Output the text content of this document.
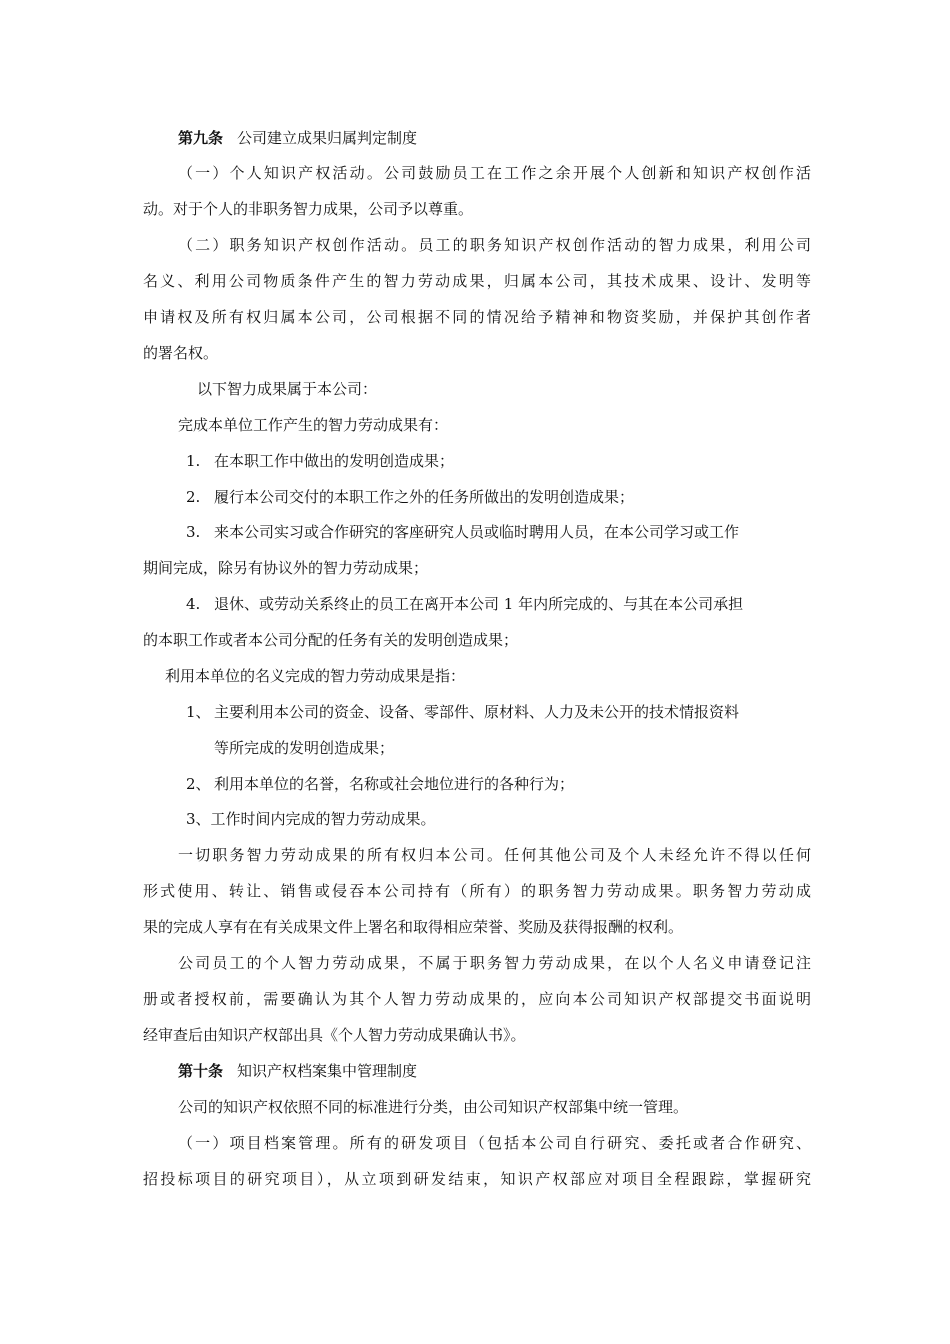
第九条 公司建立成果归属判定制度
（一）个人知识产权活动。公司鼓励员工在工作之余开展个人创新和知识产权创作活
动。对于个人的非职务智力成果，公司予以尊重。
（二）职务知识产权创作活动。员工的职务知识产权创作活动的智力成果，利用公司
名义、利用公司物质条件产生的智力劳动成果，归属本公司，其技术成果、设计、发明等
申请权及所有权归属本公司，公司根据不同的情况给予精神和物资奖励，并保护其创作者
的署名权。
以下智力成果属于本公司：
完成本单位工作产生的智力劳动成果有：
1. 在本职工作中做出的发明创造成果；
2. 履行本公司交付的本职工作之外的任务所做出的发明创造成果；
3. 来本公司实习或合作研究的客座研究人员或临时聘用人员，在本公司学习或工作
期间完成，除另有协议外的智力劳动成果；
4. 退休、或劳动关系终止的员工在离开本公司 1 年内所完成的、与其在本公司承担
的本职工作或者本公司分配的任务有关的发明创造成果；
利用本单位的名义完成的智力劳动成果是指：
1、 主要利用本公司的资金、设备、零部件、原材料、人力及未公开的技术情报资料
等所完成的发明创造成果；
2、 利用本单位的名誉，名称或社会地位进行的各种行为；
3、工作时间内完成的智力劳动成果。
一切职务智力劳动成果的所有权归本公司。任何其他公司及个人未经允许不得以任何
形式使用、转让、销售或侵吞本公司持有（所有）的职务智力劳动成果。职务智力劳动成
果的完成人享有在有关成果文件上署名和取得相应荣誉、奖励及获得报酬的权利。
公司员工的个人智力劳动成果，不属于职务智力劳动成果，在以个人名义申请登记注
册或者授权前，需要确认为其个人智力劳动成果的，应向本公司知识产权部提交书面说明
经审查后由知识产权部出具《个人智力劳动成果确认书》。
第十条 知识产权档案集中管理制度
公司的知识产权依照不同的标准进行分类，由公司知识产权部集中统一管理。
（一）项目档案管理。所有的研发项目（包括本公司自行研究、委托或者合作研究、
招投标项目的研究项目），从立项到研发结束，知识产权部应对项目全程跟踪，掌握研究
